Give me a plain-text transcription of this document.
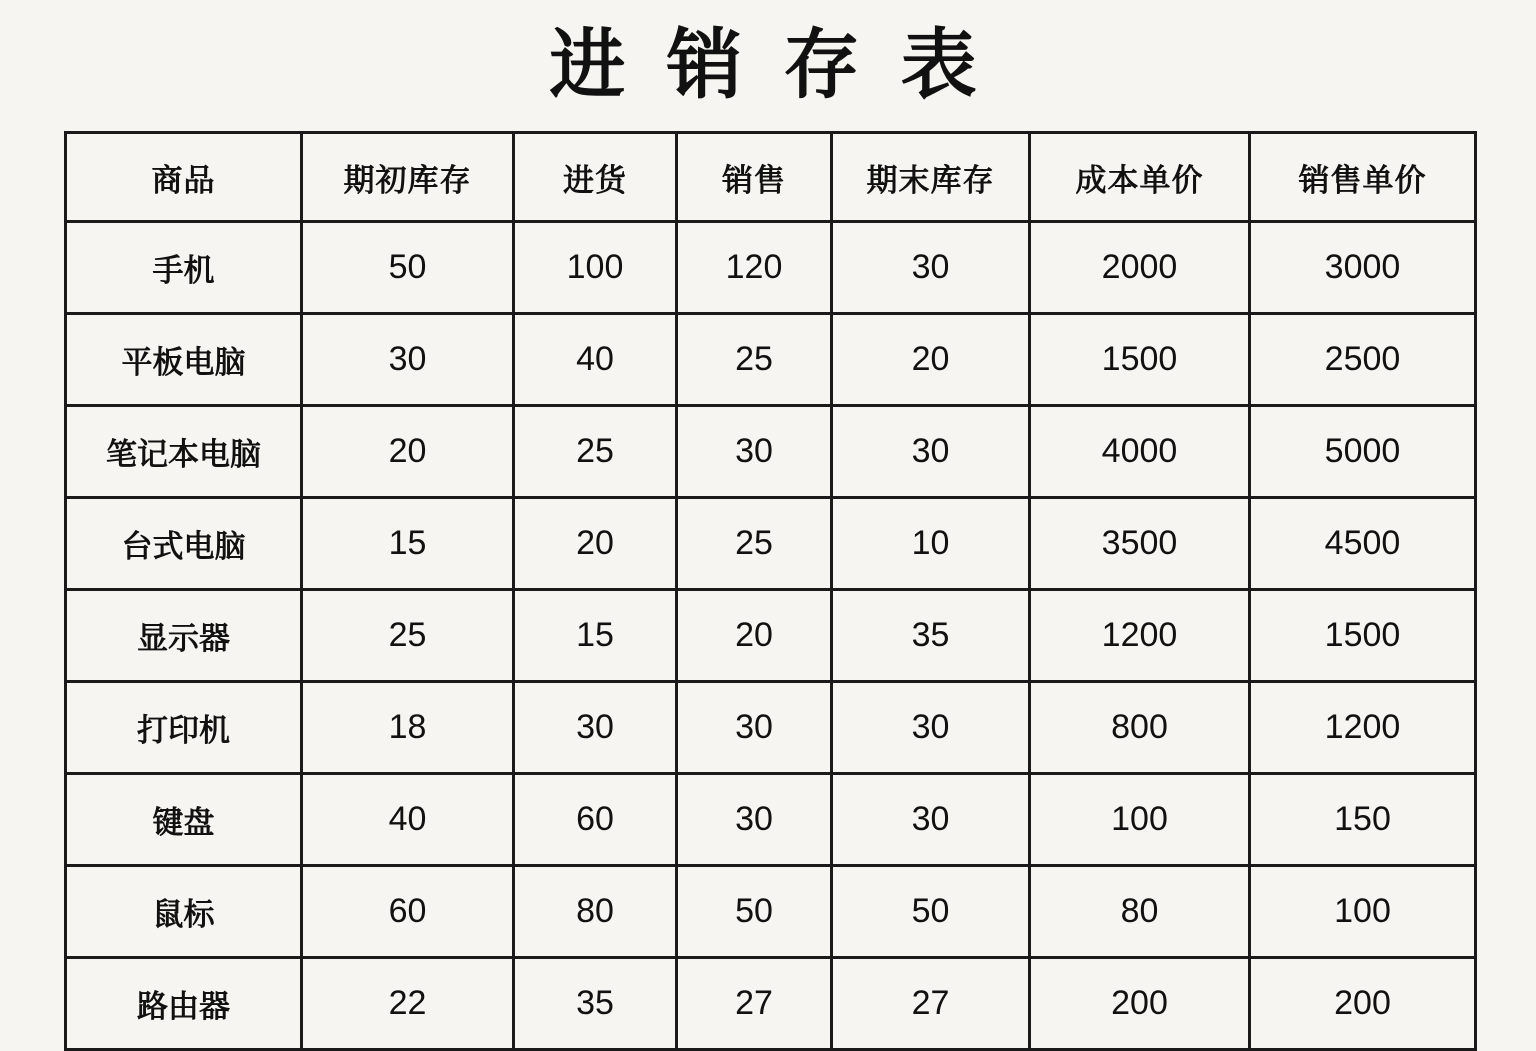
进 销 存 表
商品	期初库存	进货	销售	期末库存	成本单价	销售单价
手机	50	100	120	30	2000	3000
平板电脑	30	40	25	20	1500	2500
笔记本电脑	20	25	30	30	4000	5000
台式电脑	15	20	25	10	3500	4500
显示器	25	15	20	35	1200	1500
打印机	18	30	30	30	800	1200
键盘	40	60	30	30	100	150
鼠标	60	80	50	50	80	100
路由器	22	35	27	27	200	200
